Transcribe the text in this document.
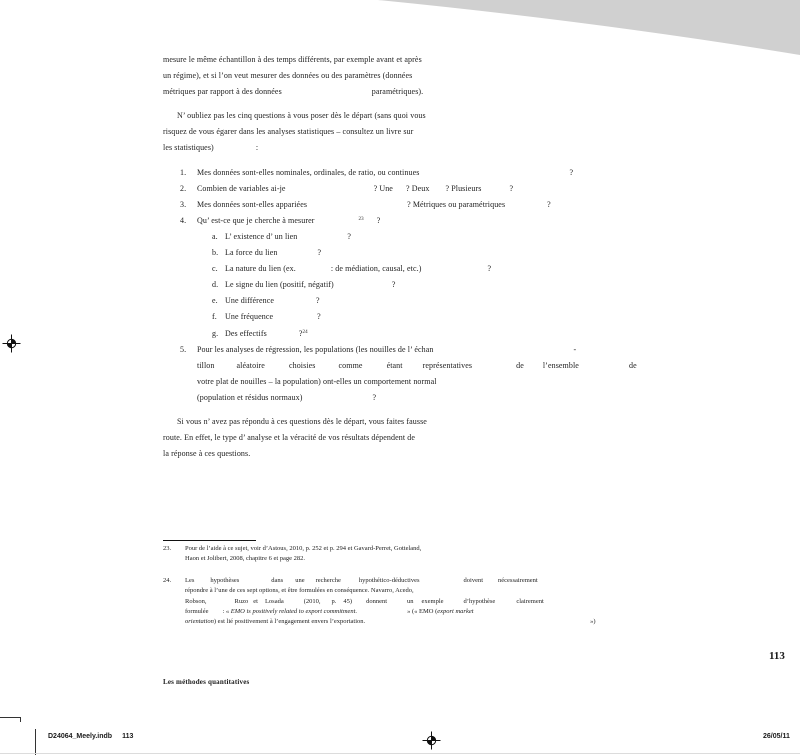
mesure le même échantillon à des temps différents, par exemple avant et après
un régime), et si l’on veut mesurer des données ou des paramètres (données
métriques par rapport à des données	paramétriques).
N’ oubliez pas les cinq questions à vous poser dès le départ (sans quoi vous
risquez de vous égarer dans les analyses statistiques – consultez un livre sur
les statistiques)	:
1. Mes données sont-elles nominales, ordinales, de ratio, ou continues	?
2. Combien de variables ai-je	? Une ? Deux ? Plusieurs	?
3. Mes données sont-elles appariées	? Métriques ou paramétriques	?
4. Qu’ est-ce que je cherche à mesurer	$^{23}$ ?
a. L’ existence d’ un lien	?
b. La force du lien	?
c. La nature du lien (ex.	: de médiation, causal, etc.)	?
d. Le signe du lien (positif, négatif)	?
e. Une différence	?
f. Une fréquence	?
g. Des effectifs	?$^{24}$
5. Pour les analyses de régression, les populations (les nouilles de l’ échan	-
tillon	aléatoire	choisies	comme	étant	représentatives	de l’ensemble	de
votre plat de nouilles – la population) ont-elles un comportement normal
(population et résidus normaux)	?
Si vous n’ avez pas répondu à ces questions dès le départ, vous faites fausse
route. En effet, le type d’ analyse et la véracité de vos résultats dépendent de
la réponse à ces questions.
23. Pour de l’aide à ce sujet, voir d’Astous, 2010, p. 252 et p. 294 et Gavard-Perret, Gotteland,
Haon et Jolibert, 2008, chapitre 6 et page 282.
24. Les hypothèses	dans une recherche	hypothético-déductives	doivent nécessairement
répondre à l’une de ces sept options, et être formulées en conséquence. Navarro, Acedo,
Robson,	Ruzo et Losada	(2010, p. 45) donnent	un exemple	d’hypothèse	clairement
formulée : « EMO is positively related to export commitment.	» (« EMO (export market
orientation) est lié positivement à l’engagement envers l’exportation.	»)
113
Les méthodes quantitatives
D24064_Meely.indb 113	26/05/11
